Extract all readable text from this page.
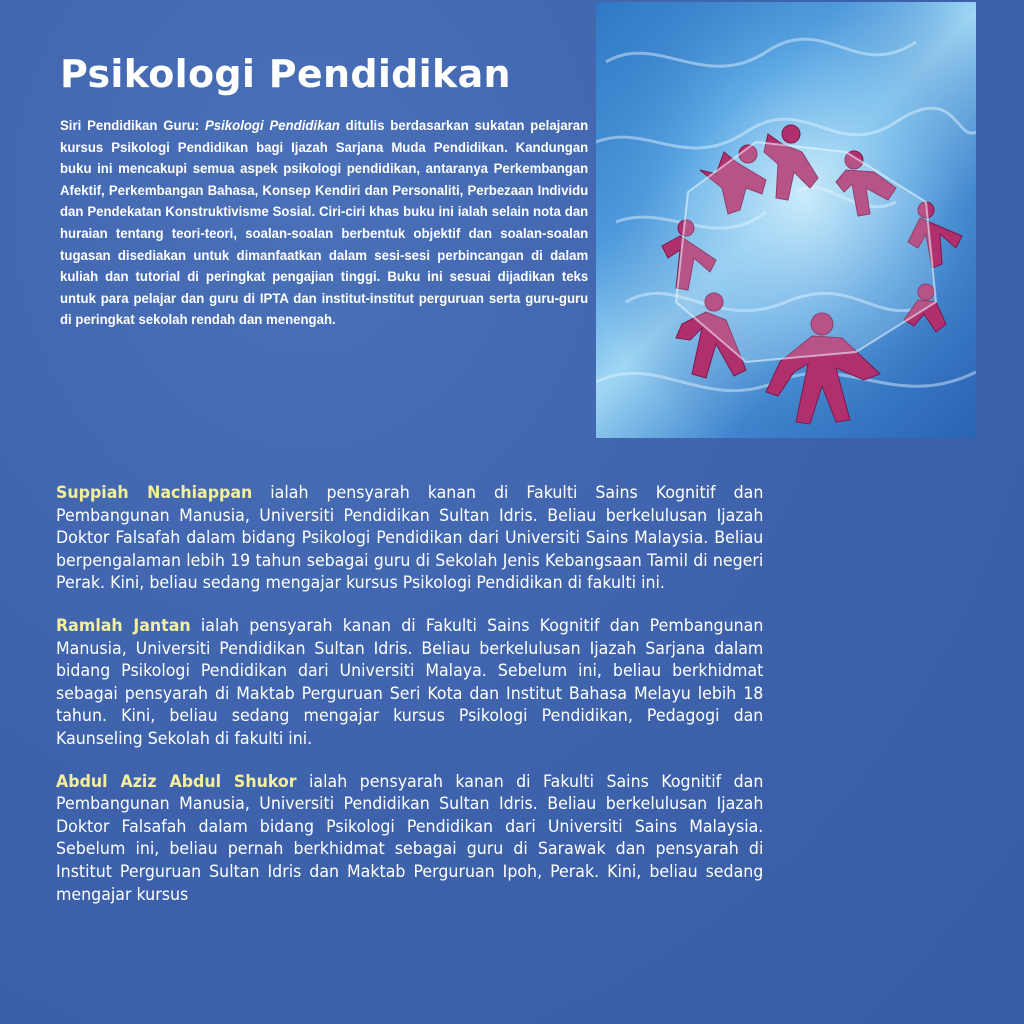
Psikologi Pendidikan

Siri Pendidikan Guru: Psikologi Pendidikan ditulis berdasarkan sukatan pelajaran kursus Psikologi Pendidikan bagi Ijazah Sarjana Muda Pendidikan. Kandungan buku ini mencakupi semua aspek psikologi pendidikan, antaranya Perkembangan Afektif, Perkembangan Bahasa, Konsep Kendiri dan Personaliti, Perbezaan Individu dan Pendekatan Konstruktivisme Sosial. Ciri-ciri khas buku ini ialah selain nota dan huraian tentang teori-teori, soalan-soalan berbentuk objektif dan soalan-soalan tugasan disediakan untuk dimanfaatkan dalam sesi-sesi perbincangan di dalam kuliah dan tutorial di peringkat pengajian tinggi. Buku ini sesuai dijadikan teks untuk para pelajar dan guru di IPTA dan institut-institut perguruan serta guru-guru di peringkat sekolah rendah dan menengah.

Suppiah Nachiappan ialah pensyarah kanan di Fakulti Sains Kognitif dan Pembangunan Manusia, Universiti Pendidikan Sultan Idris. Beliau berkelulusan Ijazah Doktor Falsafah dalam bidang Psikologi Pendidikan dari Universiti Sains Malaysia. Beliau berpengalaman lebih 19 tahun sebagai guru di Sekolah Jenis Kebangsaan Tamil di negeri Perak. Kini, beliau sedang mengajar kursus Psikologi Pendidikan di fakulti ini.

Ramlah Jantan ialah pensyarah kanan di Fakulti Sains Kognitif dan Pembangunan Manusia, Universiti Pendidikan Sultan Idris. Beliau berkelulusan Ijazah Sarjana dalam bidang Psikologi Pendidikan dari Universiti Malaya. Sebelum ini, beliau berkhidmat sebagai pensyarah di Maktab Perguruan Seri Kota dan Institut Bahasa Melayu lebih 18 tahun. Kini, beliau sedang mengajar kursus Psikologi Pendidikan, Pedagogi dan Kaunseling Sekolah di fakulti ini.

Abdul Aziz Abdul Shukor ialah pensyarah kanan di Fakulti Sains Kognitif dan Pembangunan Manusia, Universiti Pendidikan Sultan Idris. Beliau berkelulusan Ijazah Doktor Falsafah dalam bidang Psikologi Pendidikan dari Universiti Sains Malaysia. Sebelum ini, beliau pernah berkhidmat sebagai guru di Sarawak dan pensyarah di Institut Perguruan Sultan Idris dan Maktab Perguruan Ipoh, Perak. Kini, beliau sedang mengajar kursus
